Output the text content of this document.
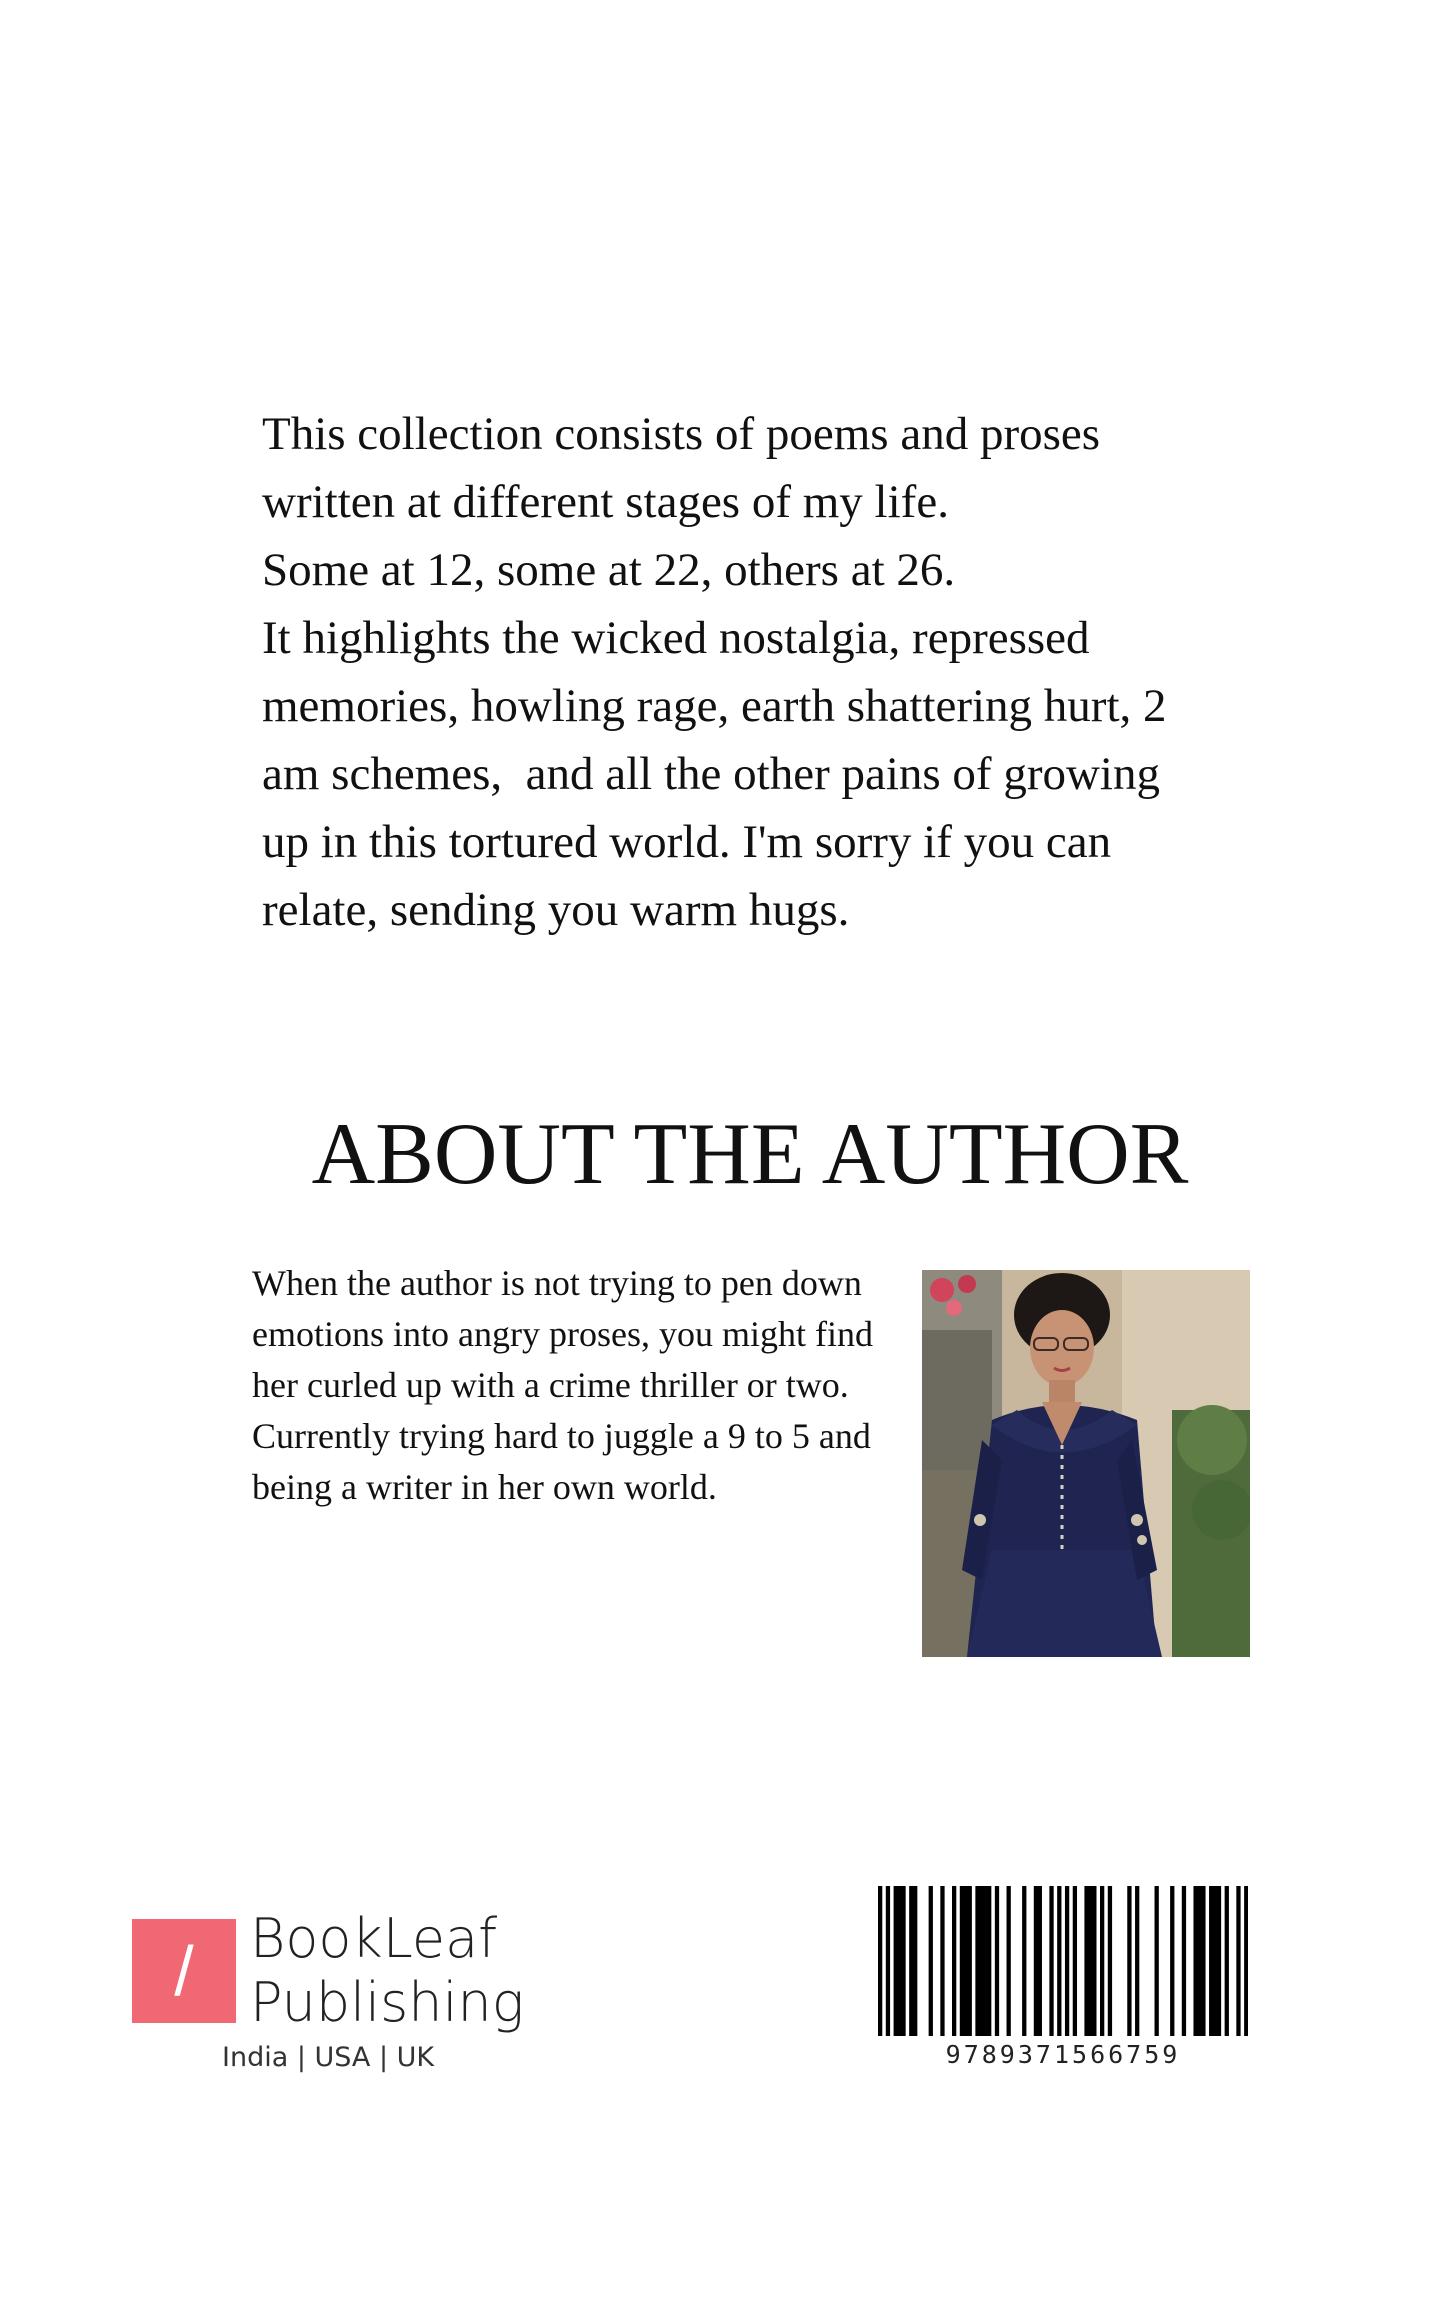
This collection consists of poems and proses
written at different stages of my life.
Some at 12, some at 22, others at 26.
It highlights the wicked nostalgia, repressed
memories, howling rage, earth shattering hurt, 2
am schemes,  and all the other pains of growing
up in this tortured world. I'm sorry if you can
relate, sending you warm hugs.
ABOUT THE AUTHOR
When the author is not trying to pen down
emotions into angry proses, you might find
her curled up with a crime thriller or two.
Currently trying hard to juggle a 9 to 5 and
being a writer in her own world.
/	BookLeaf
Publishing
India | USA | UK	9789371566759
